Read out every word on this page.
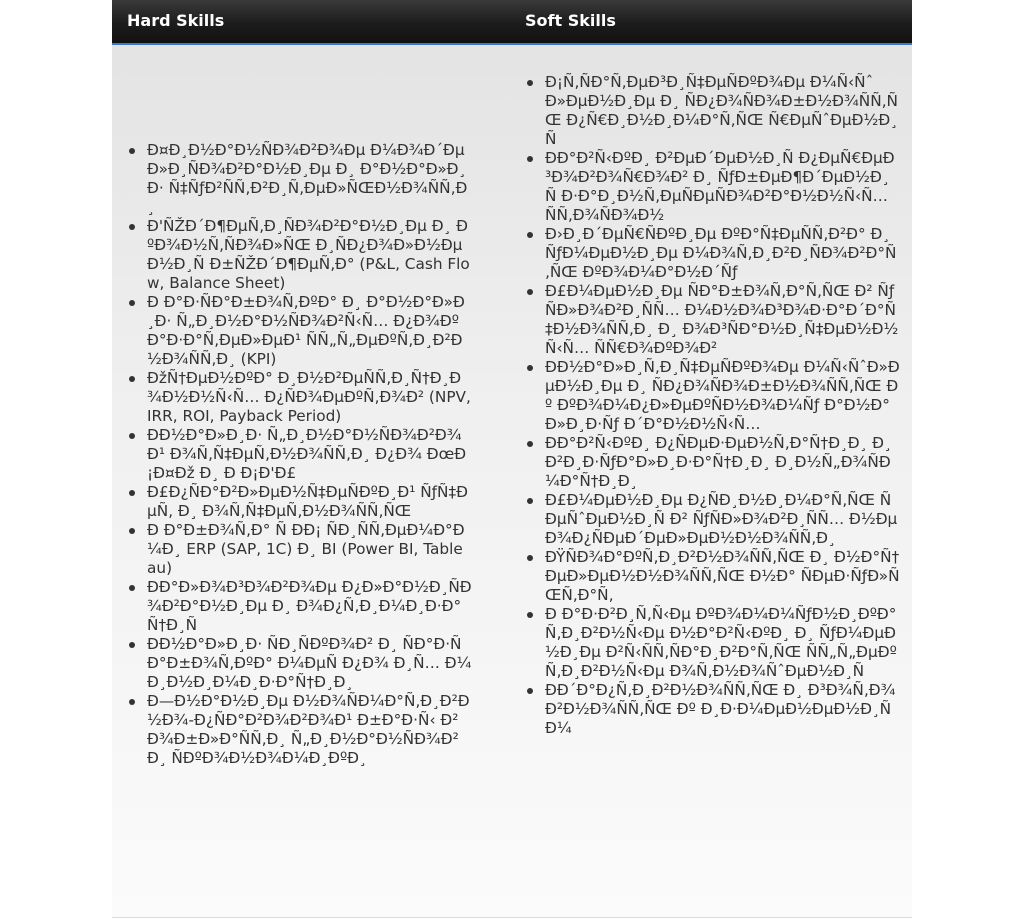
Hard Skills	Soft Skills
Ð¤Ð¸Ð½Ð°Ð½ÑÐ¾Ð²Ð¾Ðµ Ð¼Ð¾Ð´ÐµÐ»Ð¸ÑÐ¾Ð²Ð°Ð½Ð¸Ðµ Ð¸ Ð°Ð½Ð°Ð»Ð¸Ð· Ñ‡ÑƒÐ²ÑÑ‚Ð²Ð¸Ñ‚ÐµÐ»ÑŒÐ½Ð¾ÑÑ‚Ð¸
Ð'ÑŽÐ´Ð¶ÐµÑ‚Ð¸ÑÐ¾Ð²Ð°Ð½Ð¸Ðµ Ð¸ ÐºÐ¾Ð½Ñ‚ÑÐ¾Ð»ÑŒ Ð¸ÑÐ¿Ð¾Ð»Ð½ÐµÐ½Ð¸Ñ Ð±ÑŽÐ´Ð¶ÐµÑ‚Ð° (P&L, Cash Flow, Balance Sheet)
Ð Ð°Ð·ÑÐ°Ð±Ð¾Ñ‚ÐºÐ° Ð¸ Ð°Ð½Ð°Ð»Ð¸Ð· Ñ„Ð¸Ð½Ð°Ð½ÑÐ¾Ð²Ñ‹Ñ… Ð¿Ð¾ÐºÐ°Ð·Ð°Ñ‚ÐµÐ»ÐµÐ¹ ÑÑ„Ñ„ÐµÐºÑ‚Ð¸Ð²Ð½Ð¾ÑÑ‚Ð¸ (KPI)
ÐžÑ†ÐµÐ½ÐºÐ° Ð¸Ð½Ð²ÐµÑÑ‚Ð¸Ñ†Ð¸Ð¾Ð½Ð½Ñ‹Ñ… Ð¿ÑÐ¾ÐµÐºÑ‚Ð¾Ð² (NPV, IRR, ROI, Payback Period)
ÐÐ½Ð°Ð»Ð¸Ð· Ñ„Ð¸Ð½Ð°Ð½ÑÐ¾Ð²Ð¾Ð¹ Ð¾Ñ‚Ñ‡ÐµÑ‚Ð½Ð¾ÑÑ‚Ð¸ Ð¿Ð¾ ÐœÐ¡Ð¤Ðž Ð¸ Ð Ð¡Ð'Ð£
Ð£Ð¿ÑÐ°Ð²Ð»ÐµÐ½Ñ‡ÐµÑÐºÐ¸Ð¹ ÑƒÑ‡ÐµÑ‚ Ð¸ Ð¾Ñ‚Ñ‡ÐµÑ‚Ð½Ð¾ÑÑ‚ÑŒ
Ð Ð°Ð±Ð¾Ñ‚Ð° Ñ ÐÐ¡ ÑÐ¸ÑÑ‚ÐµÐ¼Ð°Ð¼Ð¸ ERP (SAP, 1C) Ð¸ BI (Power BI, Tableau)
ÐÐ°Ð»Ð¾Ð³Ð¾Ð²Ð¾Ðµ Ð¿Ð»Ð°Ð½Ð¸ÑÐ¾Ð²Ð°Ð½Ð¸Ðµ Ð¸ Ð¾Ð¿Ñ‚Ð¸Ð¼Ð¸Ð·Ð°Ñ†Ð¸Ñ
ÐÐ½Ð°Ð»Ð¸Ð· ÑÐ¸ÑÐºÐ¾Ð² Ð¸ ÑÐ°Ð·ÑÐ°Ð±Ð¾Ñ‚ÐºÐ° Ð¼ÐµÑ Ð¿Ð¾ Ð¸Ñ… Ð¼Ð¸Ð½Ð¸Ð¼Ð¸Ð·Ð°Ñ†Ð¸Ð¸
Ð—Ð½Ð°Ð½Ð¸Ðµ Ð½Ð¾ÑÐ¼Ð°Ñ‚Ð¸Ð²Ð½Ð¾-Ð¿ÑÐ°Ð²Ð¾Ð²Ð¾Ð¹ Ð±Ð°Ð·Ñ‹ Ð² Ð¾Ð±Ð»Ð°ÑÑ‚Ð¸ Ñ„Ð¸Ð½Ð°Ð½ÑÐ¾Ð² Ð¸ ÑÐºÐ¾Ð½Ð¾Ð¼Ð¸ÐºÐ¸
Ð¡Ñ‚ÑÐ°Ñ‚ÐµÐ³Ð¸Ñ‡ÐµÑÐºÐ¾Ðµ Ð¼Ñ‹ÑˆÐ»ÐµÐ½Ð¸Ðµ Ð¸ ÑÐ¿Ð¾ÑÐ¾Ð±Ð½Ð¾ÑÑ‚ÑŒ Ð¿Ñ€Ð¸Ð½Ð¸Ð¼Ð°Ñ‚ÑŒ Ñ€ÐµÑˆÐµÐ½Ð¸Ñ
ÐÐ°Ð²Ñ‹ÐºÐ¸ Ð²ÐµÐ´ÐµÐ½Ð¸Ñ Ð¿ÐµÑ€ÐµÐ³Ð¾Ð²Ð¾Ñ€Ð¾Ð² Ð¸ ÑƒÐ±ÐµÐ¶Ð´ÐµÐ½Ð¸Ñ Ð·Ð°Ð¸Ð½Ñ‚ÐµÑÐµÑÐ¾Ð²Ð°Ð½Ð½Ñ‹Ñ… ÑÑ‚Ð¾ÑÐ¾Ð½
Ð›Ð¸Ð´ÐµÑ€ÑÐºÐ¸Ðµ ÐºÐ°Ñ‡ÐµÑÑ‚Ð²Ð° Ð¸ ÑƒÐ¼ÐµÐ½Ð¸Ðµ Ð¼Ð¾Ñ‚Ð¸Ð²Ð¸ÑÐ¾Ð²Ð°Ñ‚ÑŒ ÐºÐ¾Ð¼Ð°Ð½Ð´Ñƒ
Ð£Ð¼ÐµÐ½Ð¸Ðµ ÑÐ°Ð±Ð¾Ñ‚Ð°Ñ‚ÑŒ Ð² ÑƒÑÐ»Ð¾Ð²Ð¸ÑÑ… Ð¼Ð½Ð¾Ð³Ð¾Ð·Ð°Ð´Ð°Ñ‡Ð½Ð¾ÑÑ‚Ð¸ Ð¸ Ð¾Ð³ÑÐ°Ð½Ð¸Ñ‡ÐµÐ½Ð½Ñ‹Ñ… ÑÑ€Ð¾ÐºÐ¾Ð²
ÐÐ½Ð°Ð»Ð¸Ñ‚Ð¸Ñ‡ÐµÑÐºÐ¾Ðµ Ð¼Ñ‹ÑˆÐ»ÐµÐ½Ð¸Ðµ Ð¸ ÑÐ¿Ð¾ÑÐ¾Ð±Ð½Ð¾ÑÑ‚ÑŒ Ðº ÐºÐ¾Ð¼Ð¿Ð»ÐµÐºÑÐ½Ð¾Ð¼Ñƒ Ð°Ð½Ð°Ð»Ð¸Ð·Ñƒ Ð´Ð°Ð½Ð½Ñ‹Ñ…
ÐÐ°Ð²Ñ‹ÐºÐ¸ Ð¿ÑÐµÐ·ÐµÐ½Ñ‚Ð°Ñ†Ð¸Ð¸ Ð¸ Ð²Ð¸Ð·ÑƒÐ°Ð»Ð¸Ð·Ð°Ñ†Ð¸Ð¸ Ð¸Ð½Ñ„Ð¾ÑÐ¼Ð°Ñ†Ð¸Ð¸
Ð£Ð¼ÐµÐ½Ð¸Ðµ Ð¿ÑÐ¸Ð½Ð¸Ð¼Ð°Ñ‚ÑŒ ÑÐµÑˆÐµÐ½Ð¸Ñ Ð² ÑƒÑÐ»Ð¾Ð²Ð¸ÑÑ… Ð½ÐµÐ¾Ð¿ÑÐµÐ´ÐµÐ»ÐµÐ½Ð½Ð¾ÑÑ‚Ð¸
ÐŸÑÐ¾Ð°ÐºÑ‚Ð¸Ð²Ð½Ð¾ÑÑ‚ÑŒ Ð¸ Ð½Ð°Ñ†ÐµÐ»ÐµÐ½Ð½Ð¾ÑÑ‚ÑŒ Ð½Ð° ÑÐµÐ·ÑƒÐ»ÑŒÑ‚Ð°Ñ‚
Ð Ð°Ð·Ð²Ð¸Ñ‚Ñ‹Ðµ ÐºÐ¾Ð¼Ð¼ÑƒÐ½Ð¸ÐºÐ°Ñ‚Ð¸Ð²Ð½Ñ‹Ðµ Ð½Ð°Ð²Ñ‹ÐºÐ¸ Ð¸ ÑƒÐ¼ÐµÐ½Ð¸Ðµ Ð²Ñ‹ÑÑ‚ÑÐ°Ð¸Ð²Ð°Ñ‚ÑŒ ÑÑ„Ñ„ÐµÐºÑ‚Ð¸Ð²Ð½Ñ‹Ðµ Ð¾Ñ‚Ð½Ð¾ÑˆÐµÐ½Ð¸Ñ
ÐÐ´Ð°Ð¿Ñ‚Ð¸Ð²Ð½Ð¾ÑÑ‚ÑŒ Ð¸ Ð³Ð¾Ñ‚Ð¾Ð²Ð½Ð¾ÑÑ‚ÑŒ Ðº Ð¸Ð·Ð¼ÐµÐ½ÐµÐ½Ð¸ÑÐ¼
